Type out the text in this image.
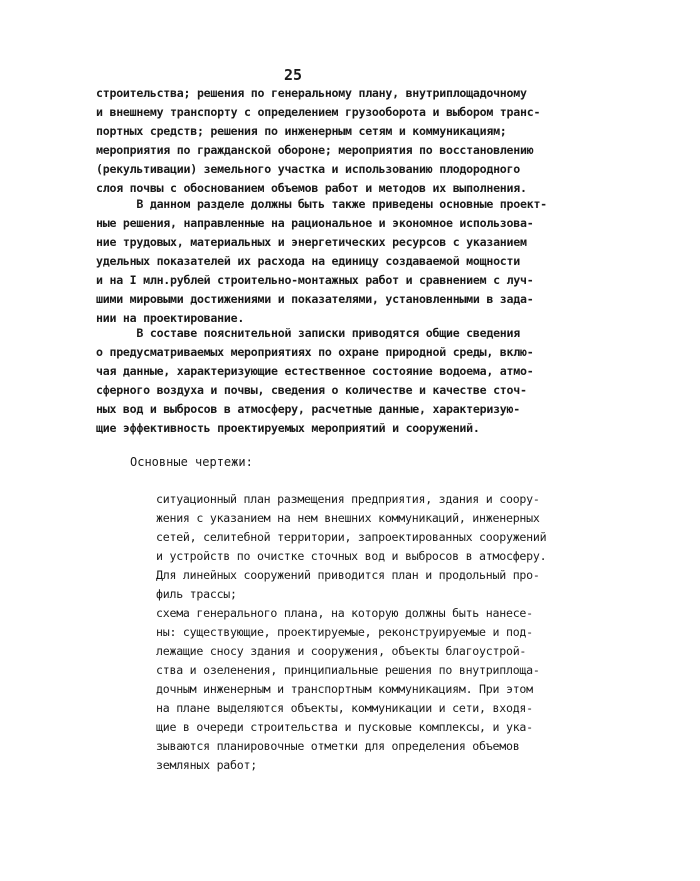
25
строительства; решения по генеральному плану, внутриплощадочному
и внешнему транспорту с определением грузооборота и выбором транс-
портных средств; решения по инженерным сетям и коммуникациям;
мероприятия по гражданской обороне; мероприятия по восстановлению
(рекультивации) земельного участка и использованию плодородного
слоя почвы с обоснованием объемов работ и методов их выполнения.
В данном разделе должны быть также приведены основные проект-
ные решения, направленные на рациональное и экономное использова-
ние трудовых, материальных и энергетических ресурсов с указанием
удельных показателей их расхода на единицу создаваемой мощности
и на I млн.рублей строительно-монтажных работ и сравнением с луч-
шими мировыми достижениями и показателями, установленными в зада-
нии на проектирование.
В составе пояснительной записки приводятся общие сведения
о предусматриваемых мероприятиях по охране природной среды, вклю-
чая данные, характеризующие естественное состояние водоема, атмо-
сферного воздуха и почвы, сведения о количестве и качестве сточ-
ных вод и выбросов в атмосферу, расчетные данные, характеризую-
щие эффективность проектируемых мероприятий и сооружений.
Основные чертежи:
ситуационный план размещения предприятия, здания и соору-
жения с указанием на нем внешних коммуникаций, инженерных
сетей, селитебной территории, запроектированных сооружений
и устройств по очистке сточных вод и выбросов в атмосферу.
Для линейных сооружений приводится план и продольный про-
филь трассы;
схема генерального плана, на которую должны быть нанесе-
ны: существующие, проектируемые, реконструируемые и под-
лежащие сносу здания и сооружения, объекты благоустрой-
ства и озеленения, принципиальные решения по внутриплоща-
дочным инженерным и транспортным коммуникациям. При этом
на плане выделяются объекты, коммуникации и сети, входя-
щие в очереди строительства и пусковые комплексы, и ука-
зываются планировочные отметки для определения объемов
земляных работ;
